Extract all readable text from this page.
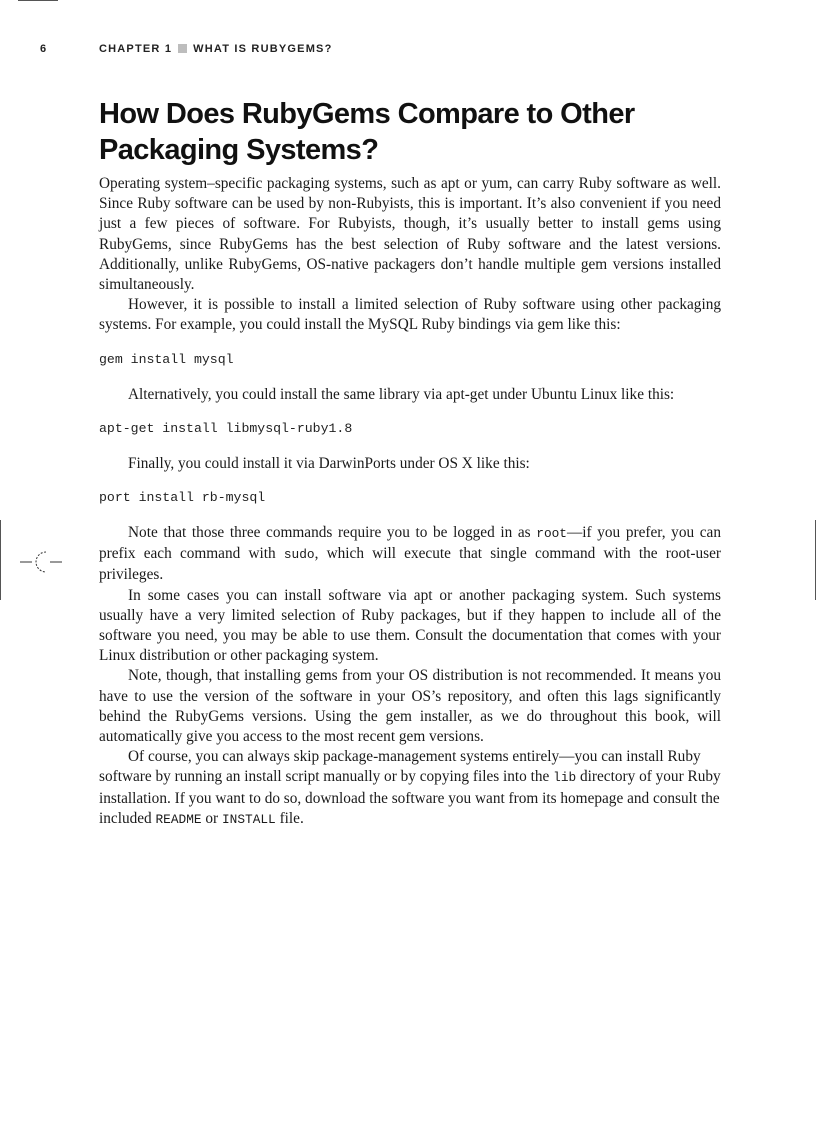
6	CHAPTER 1 WHAT IS RUBYGEMS?
How Does RubyGems Compare to Other Packaging Systems?

Operating system–specific packaging systems, such as apt or yum, can carry Ruby software as well. Since Ruby software can be used by non-Rubyists, this is important. It’s also convenient if you need just a few pieces of software. For Rubyists, though, it’s usually better to install gems using RubyGems, since RubyGems has the best selection of Ruby software and the latest versions. Additionally, unlike RubyGems, OS-native packagers don’t handle multiple gem versions installed simultaneously.

However, it is possible to install a limited selection of Ruby software using other packaging systems. For example, you could install the MySQL Ruby bindings via gem like this:

gem install mysql

Alternatively, you could install the same library via apt-get under Ubuntu Linux like this:

apt-get install libmysql-ruby1.8

Finally, you could install it via DarwinPorts under OS X like this:

port install rb-mysql

Note that those three commands require you to be logged in as root—if you prefer, you can prefix each command with sudo, which will execute that single command with the root-user privileges.

In some cases you can install software via apt or another packaging system. Such systems usually have a very limited selection of Ruby packages, but if they happen to include all of the software you need, you may be able to use them. Consult the documentation that comes with your Linux distribution or other packaging system.

Note, though, that installing gems from your OS distribution is not recommended. It means you have to use the version of the software in your OS’s repository, and often this lags significantly behind the RubyGems versions. Using the gem installer, as we do throughout this book, will automatically give you access to the most recent gem versions.

Of course, you can always skip package-management systems entirely—you can install Ruby software by running an install script manually or by copying files into the lib directory of your Ruby installation. If you want to do so, download the software you want from its homepage and consult the included README or INSTALL file.
